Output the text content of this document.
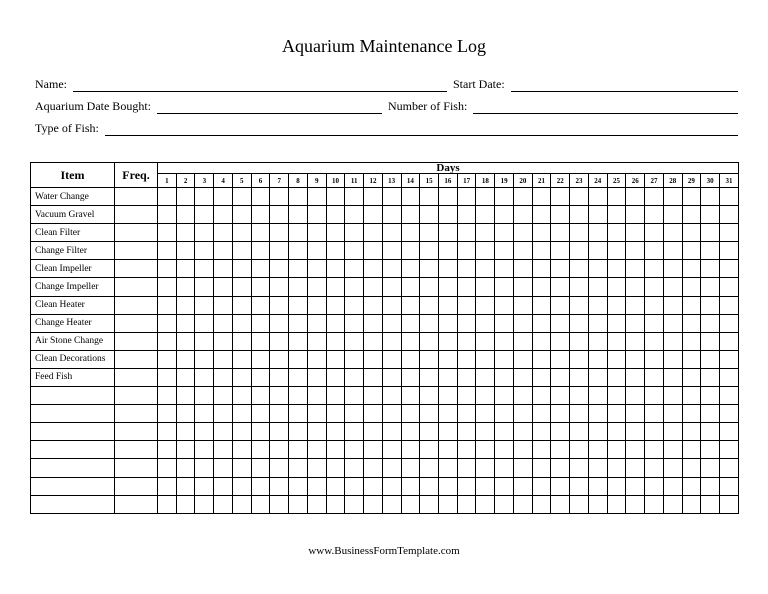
Aquarium Maintenance Log
Name:	Start Date:
Aquarium Date Bought:	Number of Fish:
Type of Fish:
Item	Freq.	Days																														
		1	2	3	4	5	6	7	8	9	10	11	12	13	14	15	16	17	18	19	20	21	22	23	24	25	26	27	28	29	30	31
Water Change																																
Vacuum Gravel																																
Clean Filter																																
Change Filter																																
Clean Impeller																																
Change Impeller																																
Clean Heater																																
Change Heater																																
Air Stone Change																																
Clean Decorations																																
Feed Fish																																

www.BusinessFormTemplate.com
